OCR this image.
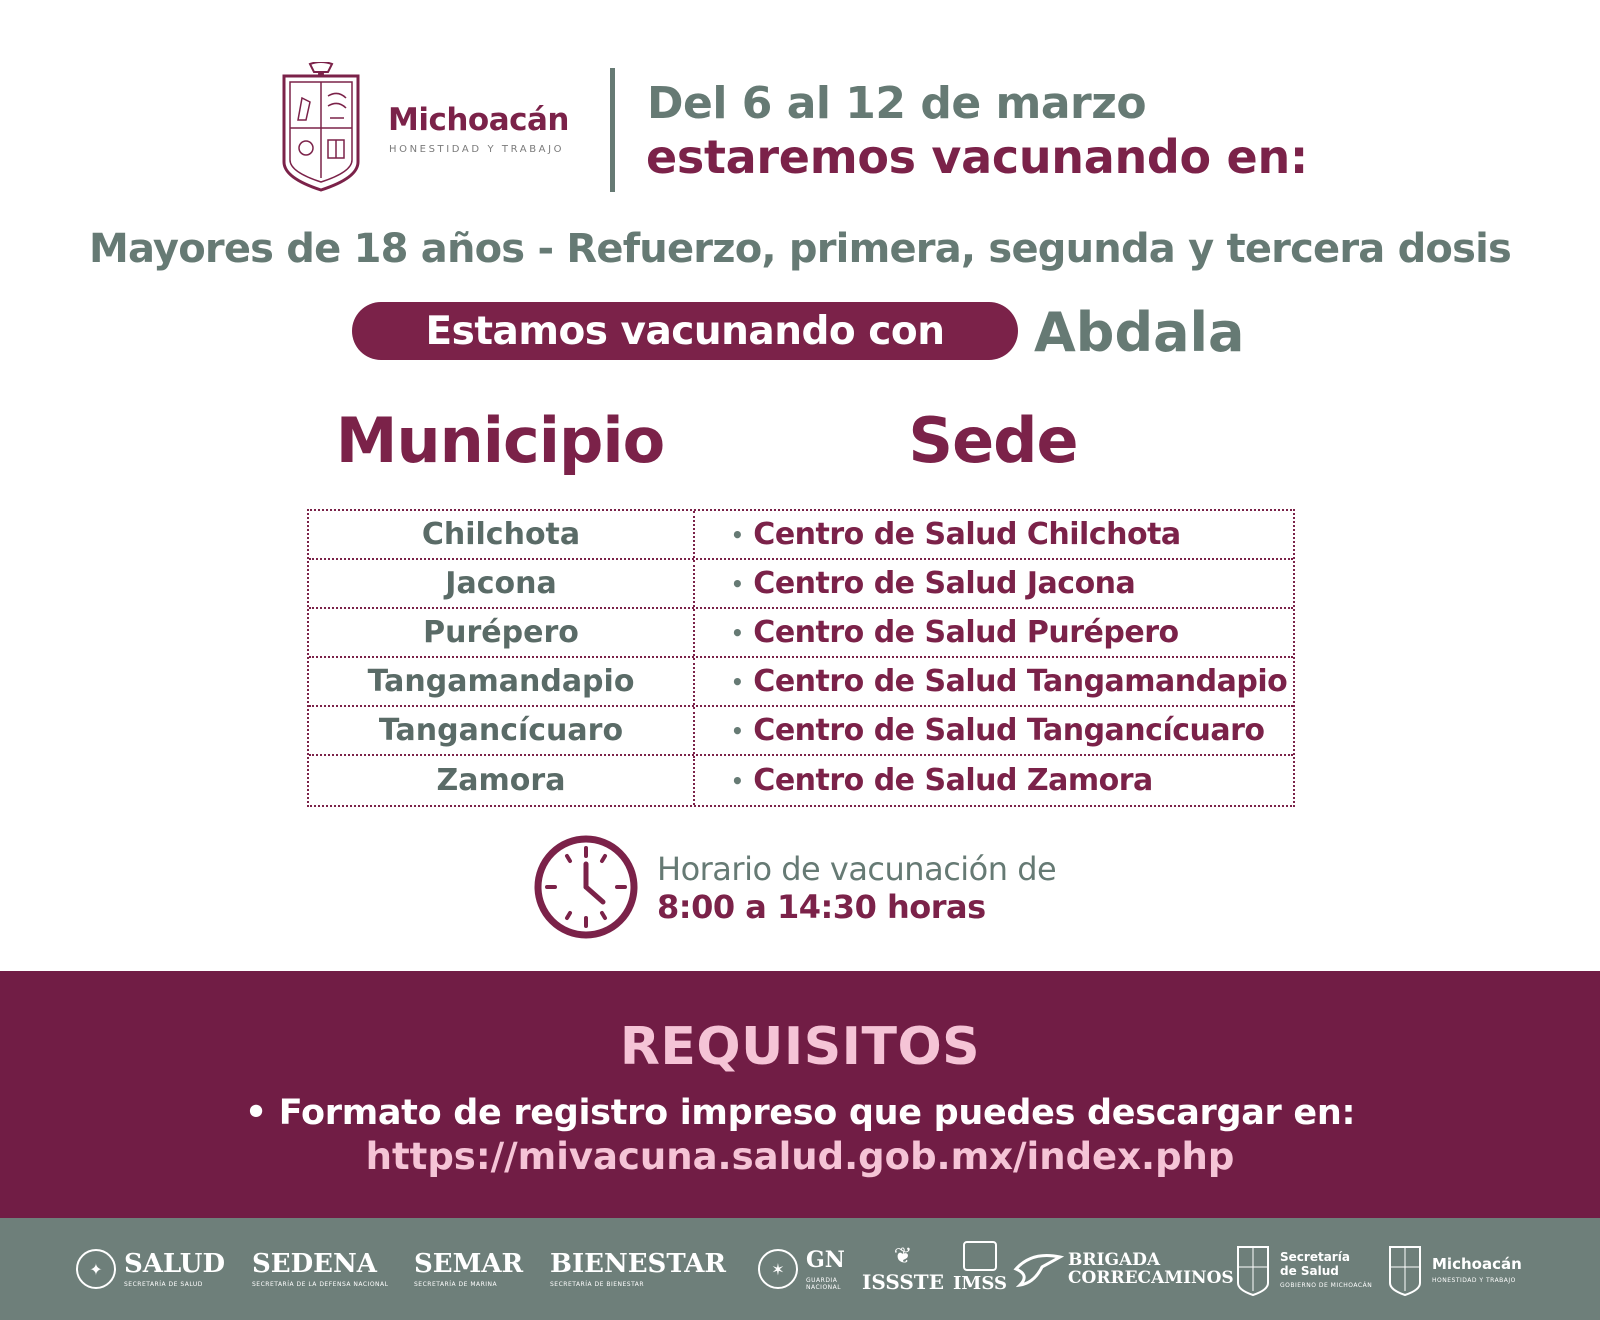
Michoacán
HONESTIDAD Y TRABAJO
Del 6 al 12 de marzo
estaremos vacunando en:
Mayores de 18 años - Refuerzo, primera, segunda y tercera dosis
Estamos vacunando con	Abdala
Municipio	Sede
Chilchota	• Centro de Salud Chilchota
Jacona	• Centro de Salud Jacona
Purépero	• Centro de Salud Purépero
Tangamandapio	• Centro de Salud Tangamandapio
Tangancícuaro	• Centro de Salud Tangancícuaro
Zamora	• Centro de Salud Zamora
Horario de vacunación de
8:00 a 14:30 horas
REQUISITOS
• Formato de registro impreso que puedes descargar en:
https://mivacuna.salud.gob.mx/index.php
✦ SALUD
SECRETARÍA DE SALUD
SEDENA
SECRETARÍA DE LA DEFENSA NACIONAL
SEMAR
SECRETARÍA DE MARINA
BIENESTAR
SECRETARÍA DE BIENESTAR
✶ GN
GUARDIA
NACIONAL
❦
ISSSTE IMSS
BRIGADA
CORRECAMINOS
Secretaría
de Salud
GOBIERNO DE MICHOACÁN
Michoacán
HONESTIDAD Y TRABAJO
